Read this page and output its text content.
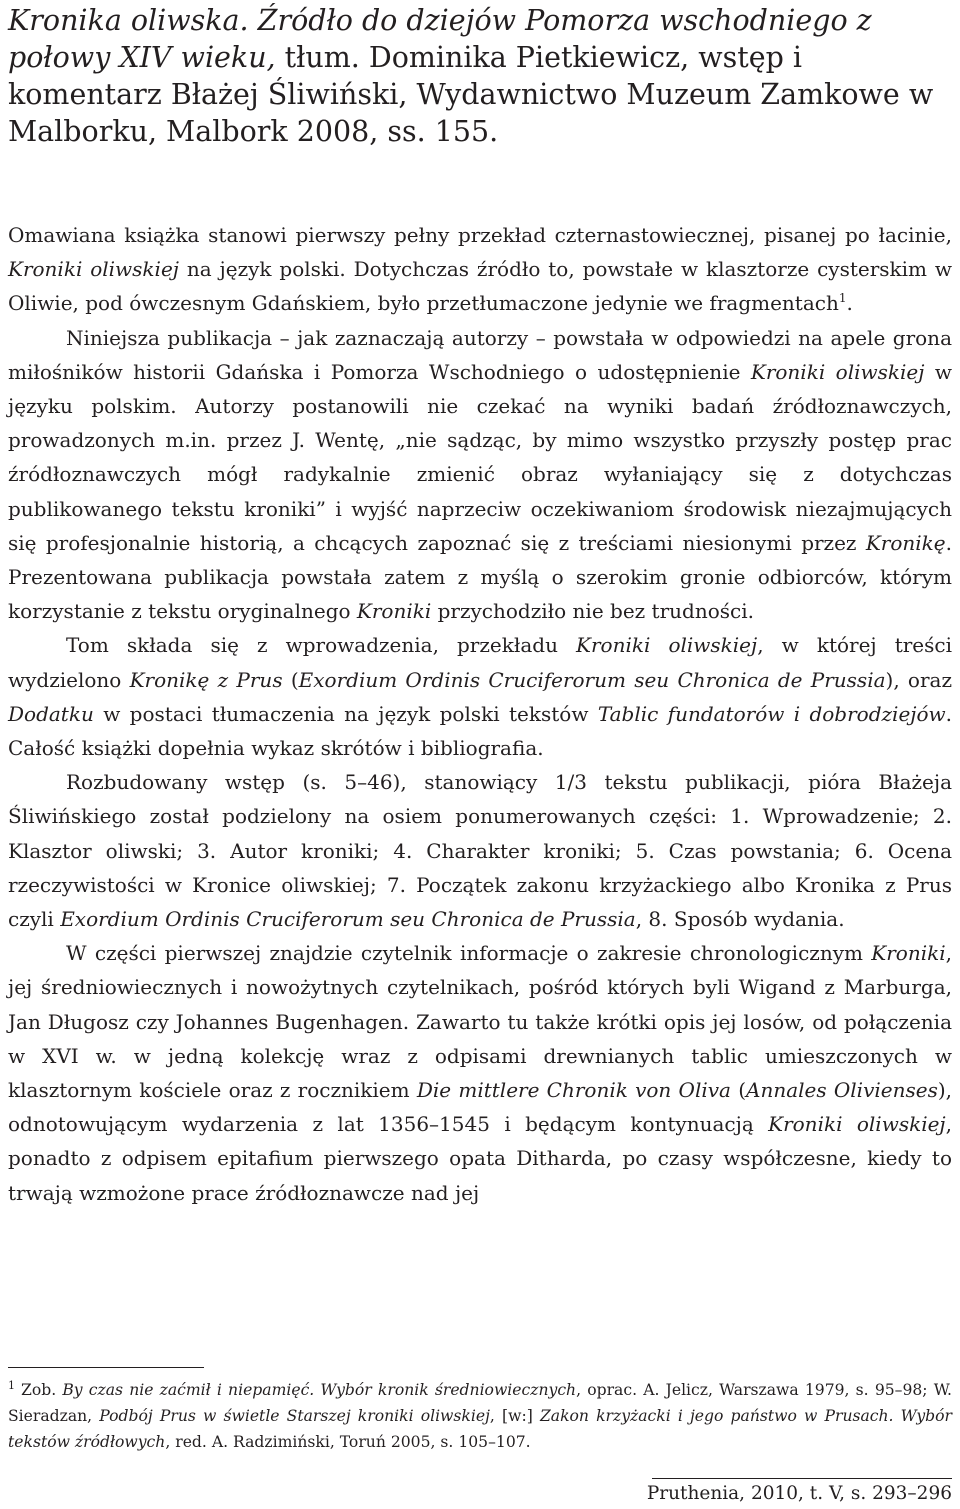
Kronika oliwska. Źródło do dziejów Pomorza wschodniego z połowy XIV wieku, tłum. Dominika Pietkiewicz, wstęp i komentarz Błażej Śliwiński, Wydawnictwo Muzeum Zamkowe w Malborku, Malbork 2008, ss. 155.

Omawiana książka stanowi pierwszy pełny przekład czternastowiecznej, pisanej po łacinie, Kroniki oliwskiej na język polski. Dotychczas źródło to, powstałe w klasztorze cysterskim w Oliwie, pod ówczesnym Gdańskiem, było przetłumaczone jedynie we fragmentach$^1$.

Niniejsza publikacja – jak zaznaczają autorzy – powstała w odpowiedzi na apele grona miłośników historii Gdańska i Pomorza Wschodniego o udostępnienie Kroniki oliwskiej w języku polskim. Autorzy postanowili nie czekać na wyniki badań źródłoznawczych, prowadzonych m.in. przez J. Wentę, „nie sądząc, by mimo wszystko przyszły postęp prac źródłoznawczych mógł radykalnie zmienić obraz wyłaniający się z dotychczas publikowanego tekstu kroniki” i wyjść naprzeciw oczekiwaniom środowisk niezajmujących się profesjonalnie historią, a chcących zapoznać się z treściami niesionymi przez Kronikę. Prezentowana publikacja powstała zatem z myślą o szerokim gronie odbiorców, którym korzystanie z tekstu oryginalnego Kroniki przychodziło nie bez trudności.

Tom składa się z wprowadzenia, przekładu Kroniki oliwskiej, w której treści wydzielono Kronikę z Prus (Exordium Ordinis Cruciferorum seu Chronica de Prussia), oraz Dodatku w postaci tłumaczenia na język polski tekstów Tablic fundatorów i dobrodziejów. Całość książki dopełnia wykaz skrótów i bibliografia.

Rozbudowany wstęp (s. 5–46), stanowiący 1/3 tekstu publikacji, pióra Błażeja Śliwińskiego został podzielony na osiem ponumerowanych części: 1. Wprowadzenie; 2. Klasztor oliwski; 3. Autor kroniki; 4. Charakter kroniki; 5. Czas powstania; 6. Ocena rzeczywistości w Kronice oliwskiej; 7. Początek zakonu krzyżackiego albo Kronika z Prus czyli Exordium Ordinis Cruciferorum seu Chronica de Prussia, 8. Sposób wydania.

W części pierwszej znajdzie czytelnik informacje o zakresie chronologicznym Kroniki, jej średniowiecznych i nowożytnych czytelnikach, pośród których byli Wigand z Marburga, Jan Długosz czy Johannes Bugenhagen. Zawarto tu także krótki opis jej losów, od połączenia w XVI w. w jedną kolekcję wraz z odpisami drewnianych tablic umieszczonych w klasztornym kościele oraz z rocznikiem Die mittlere Chronik von Oliva (Annales Olivienses), odnotowującym wydarzenia z lat 1356–1545 i będącym kontynuacją Kroniki oliwskiej, ponadto z odpisem epitafium pierwszego opata Ditharda, po czasy współczesne, kiedy to trwają wzmożone prace źródłoznawcze nad jej

$^1$ Zob. By czas nie zaćmił i niepamięć. Wybór kronik średniowiecznych, oprac. A. Jelicz, Warszawa 1979, s. 95–98; W. Sieradzan, Podbój Prus w świetle Starszej kroniki oliwskiej, [w:] Zakon krzyżacki i jego państwo w Prusach. Wybór tekstów źródłowych, red. A. Radzimiński, Toruń 2005, s. 105–107.
Pruthenia, 2010, t. V, s. 293–296
